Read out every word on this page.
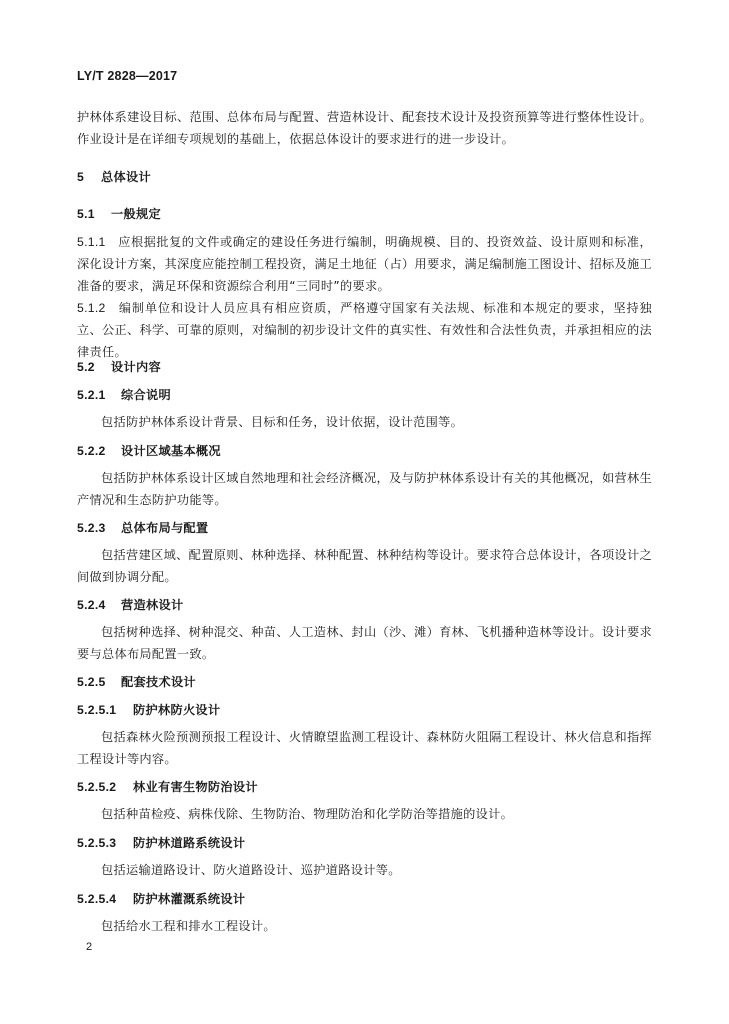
LY/T 2828—2017
护林体系建设目标、范围、总体布局与配置、营造林设计、配套技术设计及投资预算等进行整体性设计。作业设计是在详细专项规划的基础上，依据总体设计的要求进行的进一步设计。
5 总体设计
5.1 一般规定
5.1.1 应根据批复的文件或确定的建设任务进行编制，明确规模、目的、投资效益、设计原则和标准，深化设计方案，其深度应能控制工程投资，满足土地征（占）用要求，满足编制施工图设计、招标及施工准备的要求，满足环保和资源综合利用“三同时”的要求。
5.1.2 编制单位和设计人员应具有相应资质，严格遵守国家有关法规、标准和本规定的要求，坚持独立、公正、科学、可靠的原则，对编制的初步设计文件的真实性、有效性和合法性负责，并承担相应的法律责任。
5.2 设计内容
5.2.1 综合说明
包括防护林体系设计背景、目标和任务，设计依据，设计范围等。
5.2.2 设计区域基本概况
包括防护林体系设计区域自然地理和社会经济概况，及与防护林体系设计有关的其他概况，如营林生产情况和生态防护功能等。
5.2.3 总体布局与配置
包括营建区域、配置原则、林种选择、林种配置、林种结构等设计。要求符合总体设计，各项设计之间做到协调分配。
5.2.4 营造林设计
包括树种选择、树种混交、种苗、人工造林、封山（沙、滩）育林、飞机播种造林等设计。设计要求要与总体布局配置一致。
5.2.5 配套技术设计
5.2.5.1 防护林防火设计
包括森林火险预测预报工程设计、火情瞭望监测工程设计、森林防火阻隔工程设计、林火信息和指挥工程设计等内容。
5.2.5.2 林业有害生物防治设计
包括种苗检疫、病株伐除、生物防治、物理防治和化学防治等措施的设计。
5.2.5.3 防护林道路系统设计
包括运输道路设计、防火道路设计、巡护道路设计等。
5.2.5.4 防护林灌溉系统设计
包括给水工程和排水工程设计。
2
